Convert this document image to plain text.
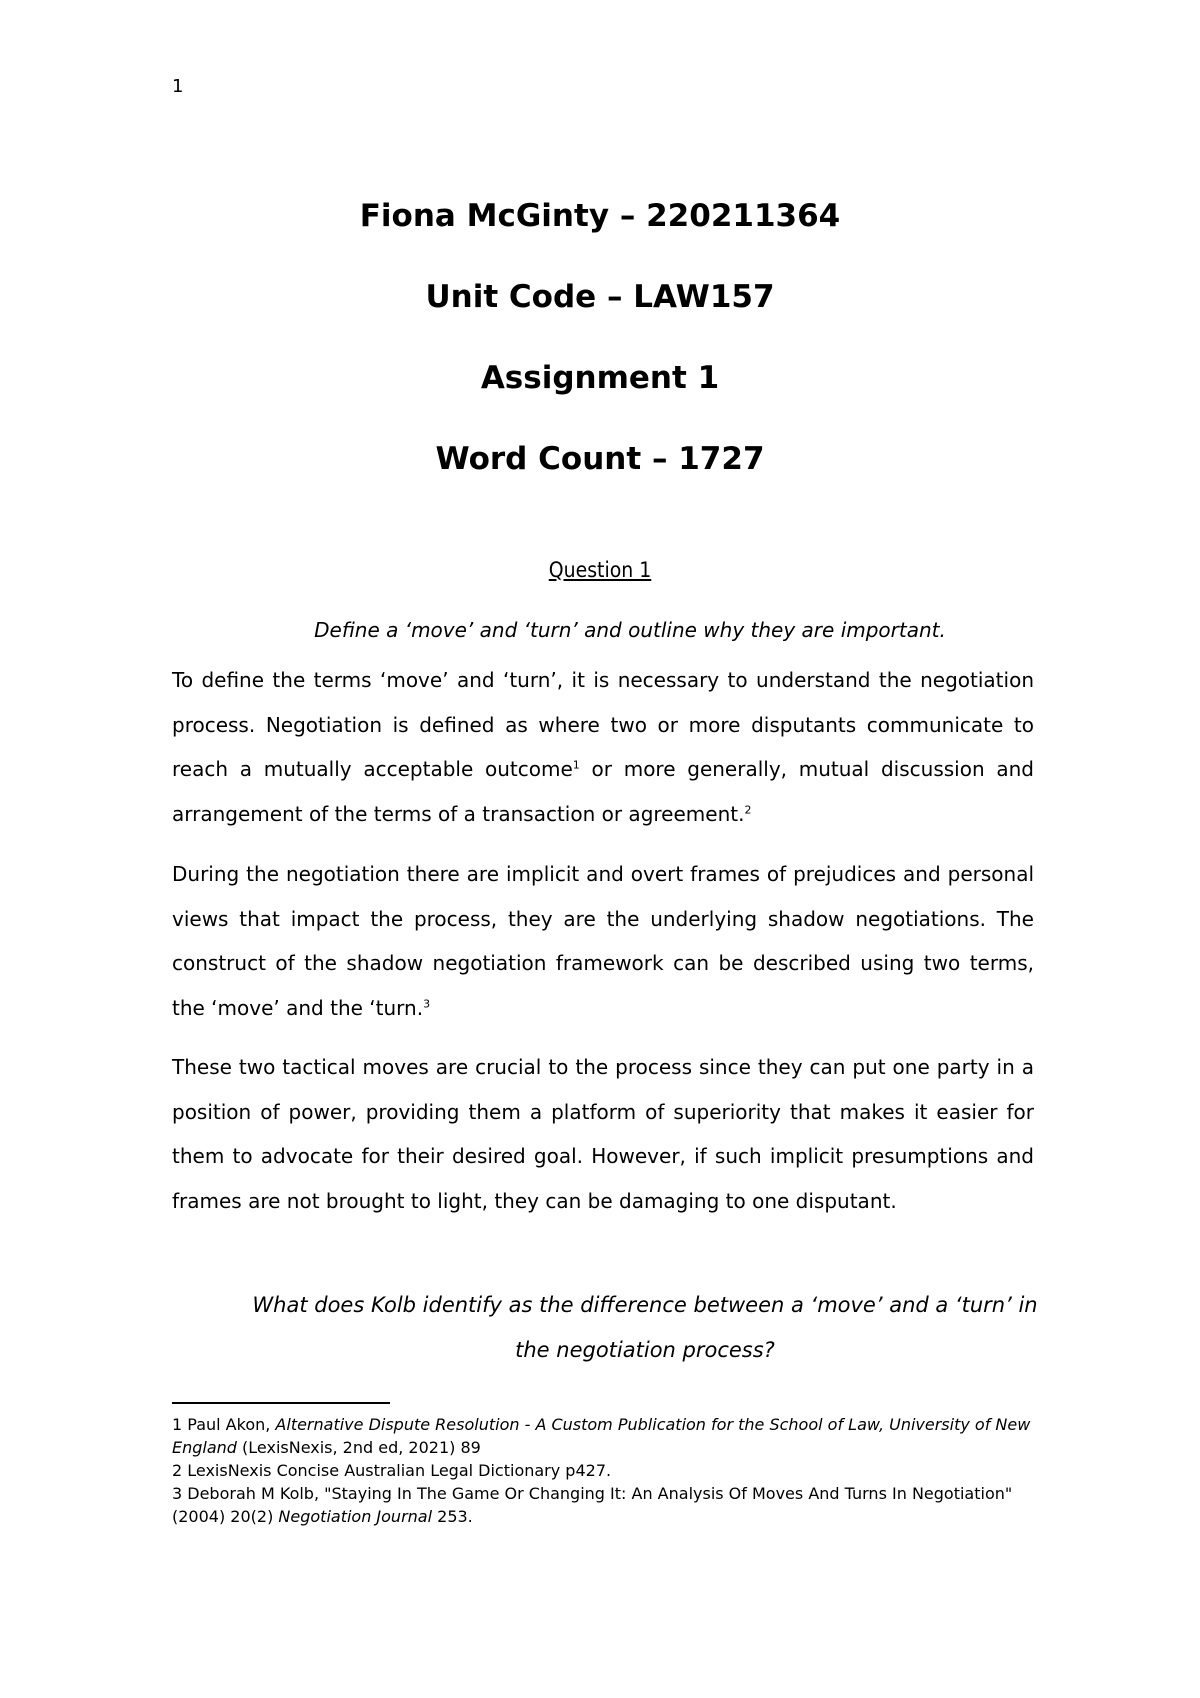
1

Fiona McGinty – 220211364

Unit Code – LAW157

Assignment 1

Word Count – 1727

Question 1
Define a ‘move’ and ‘turn’ and outline why they are important.
To define the terms ‘move’ and ‘turn’, it is necessary to understand the negotiation process. Negotiation is defined as where two or more disputants communicate to reach a mutually acceptable outcome$^1$ or more generally, mutual discussion and arrangement of the terms of a transaction or agreement.$^2$
During the negotiation there are implicit and overt frames of prejudices and personal views that impact the process, they are the underlying shadow negotiations. The construct of the shadow negotiation framework can be described using two terms, the ‘move’ and the ‘turn.$^3$
These two tactical moves are crucial to the process since they can put one party in a position of power, providing them a platform of superiority that makes it easier for them to advocate for their desired goal. However, if such implicit presumptions and frames are not brought to light, they can be damaging to one disputant.
What does Kolb identify as the difference between a ‘move’ and a ‘turn’ in the negotiation process?

1 Paul Akon, Alternative Dispute Resolution - A Custom Publication for the School of Law, University of New England (LexisNexis, 2nd ed, 2021) 89

2 LexisNexis Concise Australian Legal Dictionary p427.

3 Deborah M Kolb, "Staying In The Game Or Changing It: An Analysis Of Moves And Turns In Negotiation" (2004) 20(2) Negotiation Journal 253.
